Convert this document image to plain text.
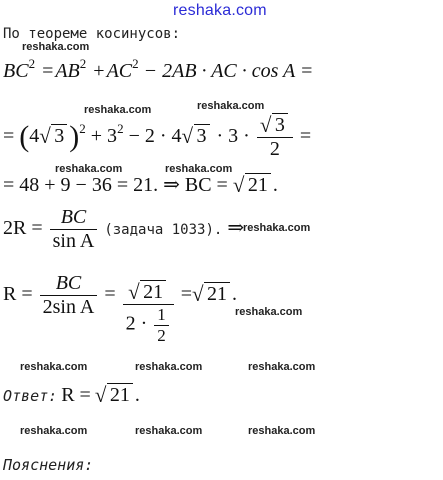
reshaka.com
По теореме косинусов:
reshaka.com
reshaka.com	reshaka.com
reshaka.com	reshaka.com
reshaka.com
reshaka.com
reshaka.com	reshaka.com	reshaka.com
reshaka.com	reshaka.com	reshaka.com
$BC^2 = AB^2 + AC^2 - 2AB$ · AC · cos A =
= (4 √ 3 )$^2 + 3^2 - 2 \cdot 4$ √ $3 \cdot 3 \cdot \frac{√ 3}{2}$ =
= 48 + 9 − 36 = 21. ⇒ BC = √ 21 .
$2R = \frac{BC}{\text{sin A}}$ (задача 1033). ⇒
$R = \frac{BC}{\text{2sin A}} = \frac{√ 21}{2 \cdot \frac{1}{2}}$ = √ 21 .
Ответ: R = √ 21 .
Пояснения:
